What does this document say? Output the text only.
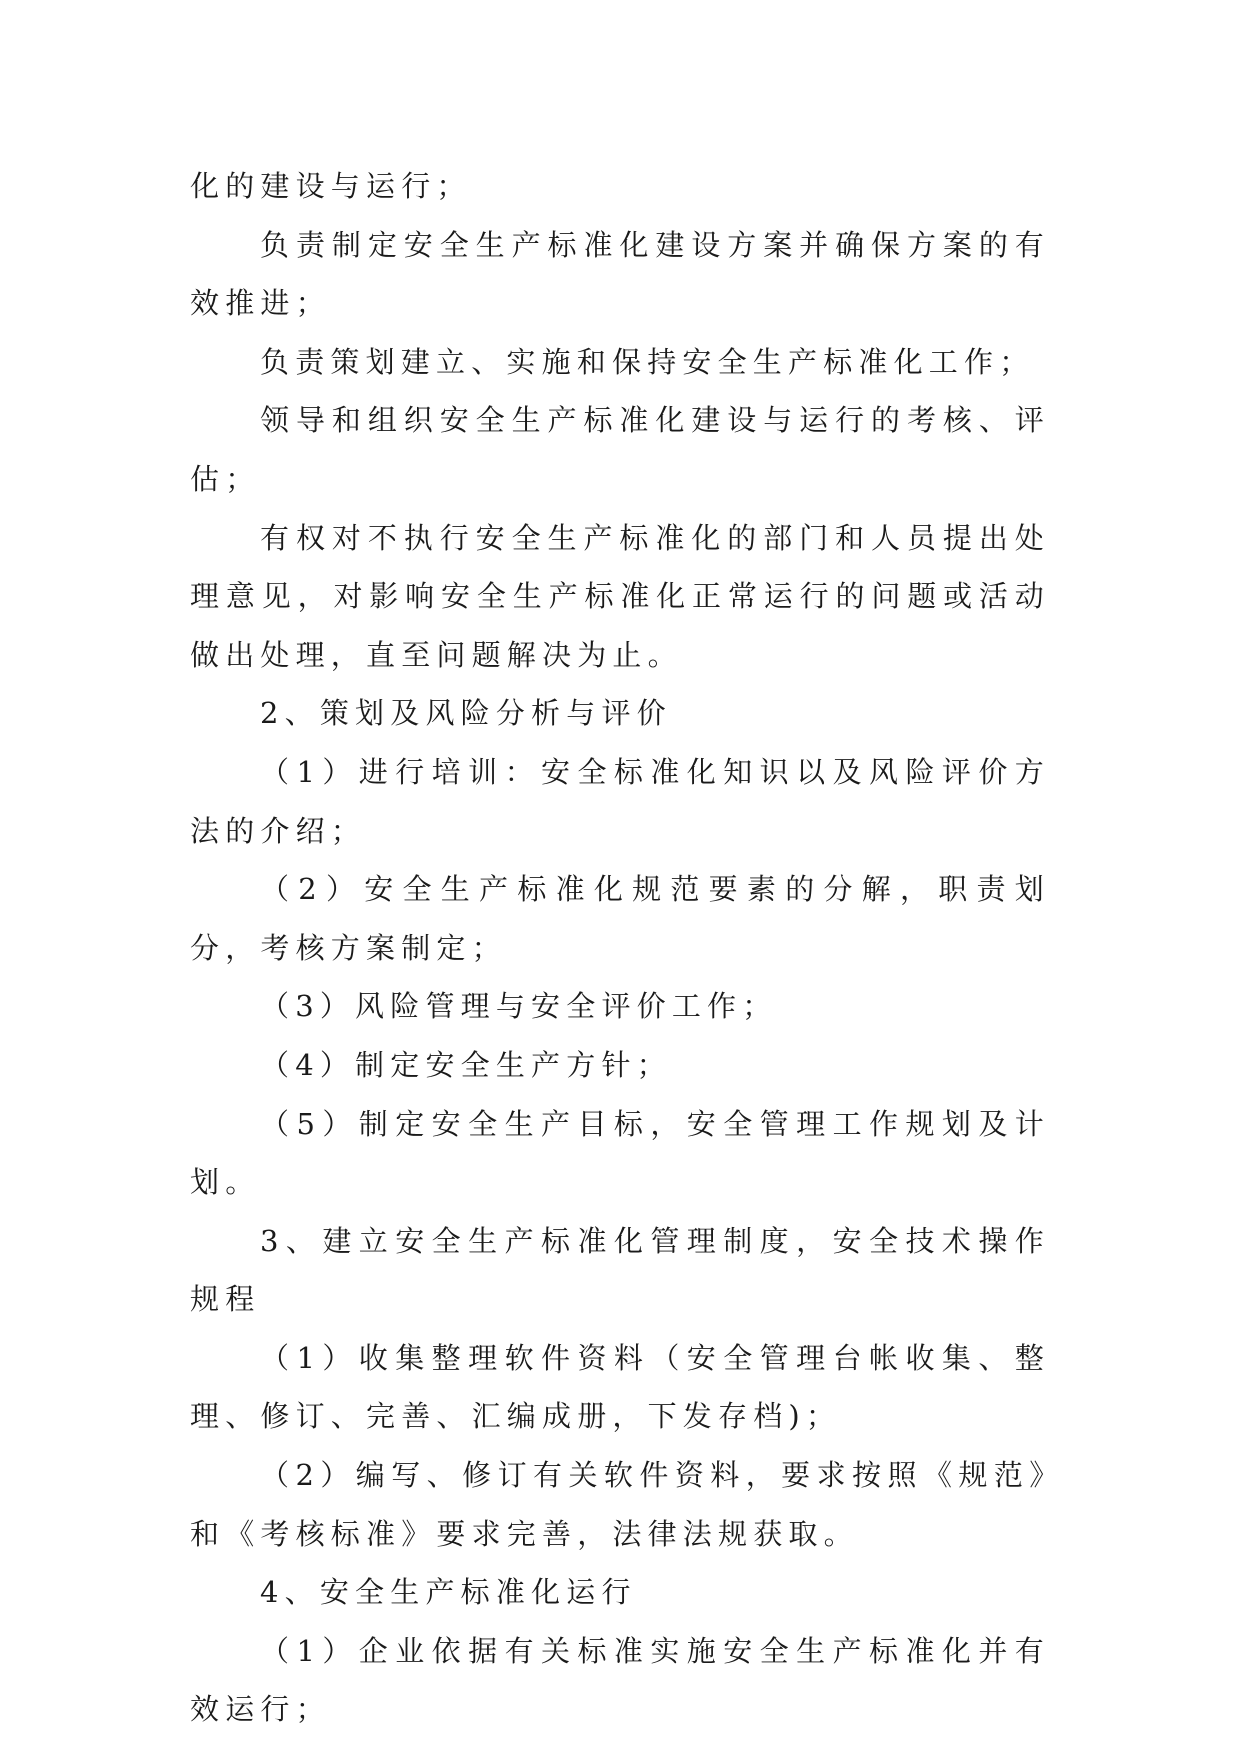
化的建设与运行；

负责制定安全生产标准化建设方案并确保方案的有效推进；

负责策划建立、实施和保持安全生产标准化工作；

领导和组织安全生产标准化建设与运行的考核、评估；

有权对不执行安全生产标准化的部门和人员提出处理意见，对影响安全生产标准化正常运行的问题或活动做出处理，直至问题解决为止。

2、策划及风险分析与评价

（1）进行培训：安全标准化知识以及风险评价方法的介绍；

（2）安全生产标准化规范要素的分解，职责划分，考核方案制定；

（3）风险管理与安全评价工作；

（4）制定安全生产方针；

（5）制定安全生产目标，安全管理工作规划及计划。

3、建立安全生产标准化管理制度，安全技术操作规程

（1）收集整理软件资料（安全管理台帐收集、整理、修订、完善、汇编成册，下发存档)；

（2）编写、修订有关软件资料，要求按照《规范》和《考核标准》要求完善，法律法规获取。

4、安全生产标准化运行

（1）企业依据有关标准实施安全生产标准化并有效运行；
